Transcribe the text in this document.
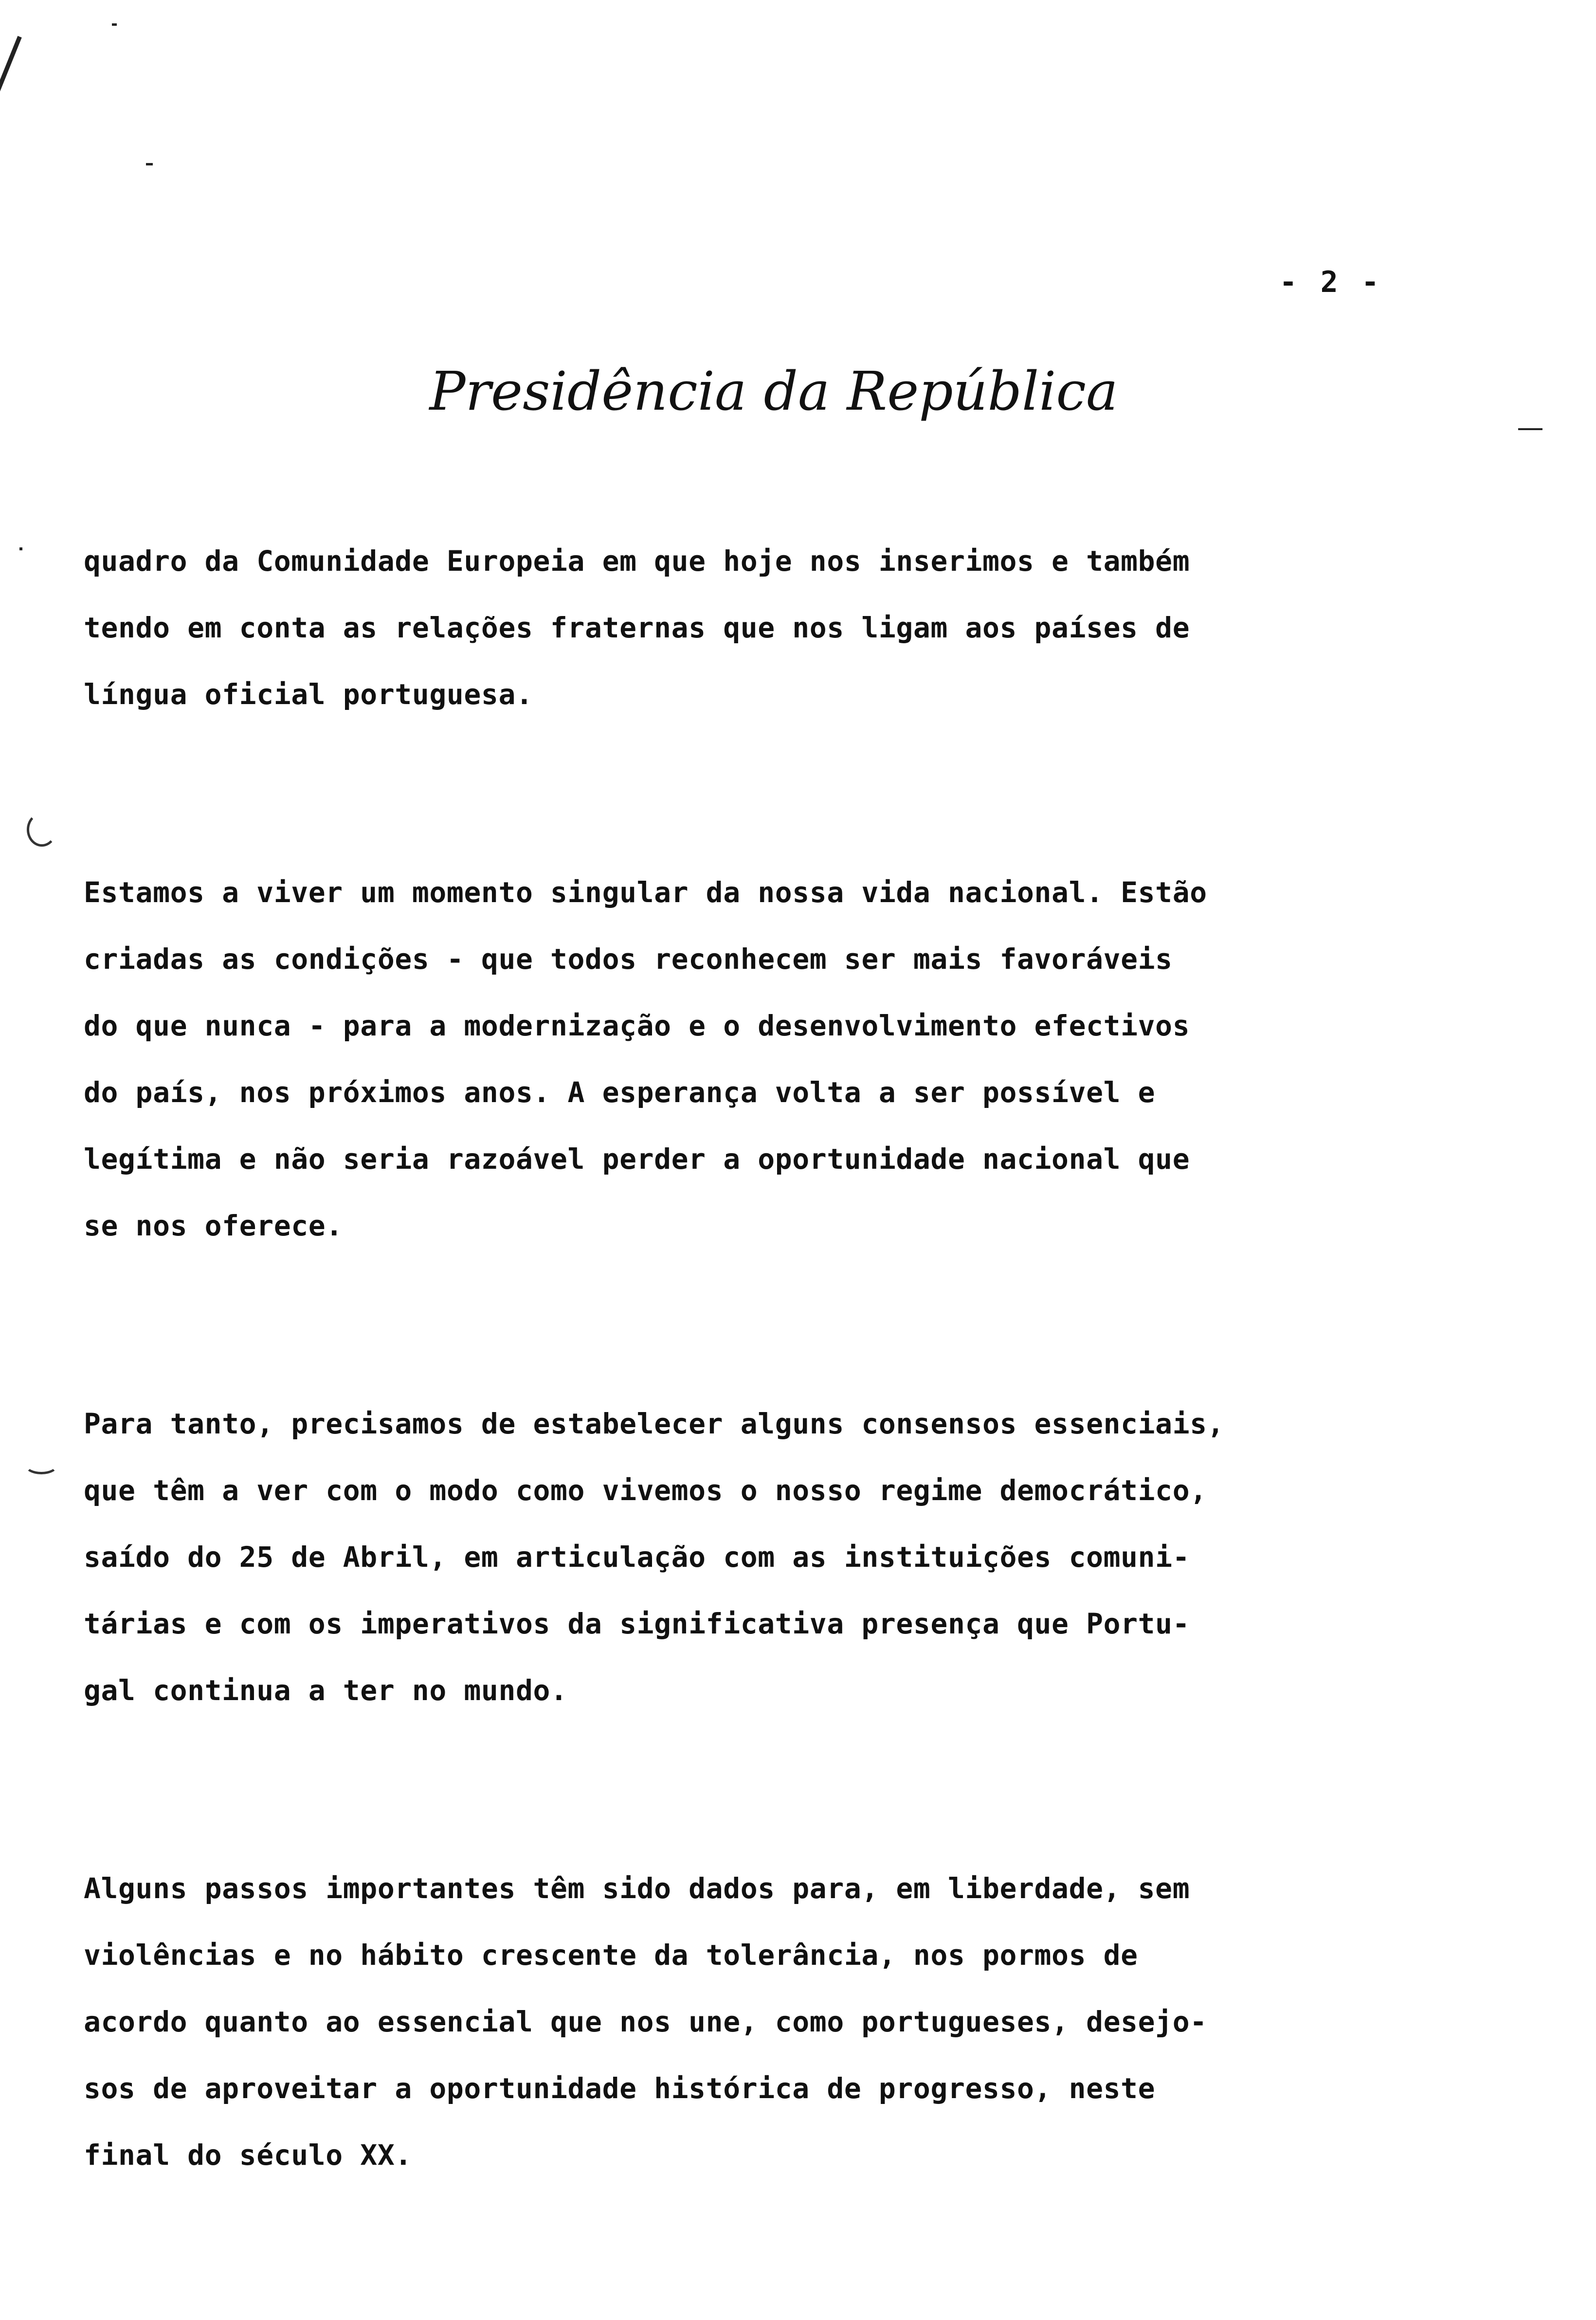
- 2 -
Presidência da República
quadro da Comunidade Europeia em que hoje nos inserimos e também
tendo em conta as relações fraternas que nos ligam aos países de
língua oficial portuguesa.
Estamos a viver um momento singular da nossa vida nacional. Estão
criadas as condições - que todos reconhecem ser mais favoráveis
do que nunca - para a modernização e o desenvolvimento efectivos
do país, nos próximos anos. A esperança volta a ser possível e
legítima e não seria razoável perder a oportunidade nacional que
se nos oferece.
Para tanto, precisamos de estabelecer alguns consensos essenciais,
que têm a ver com o modo como vivemos o nosso regime democrático,
saído do 25 de Abril, em articulação com as instituições comuni-
tárias e com os imperativos da significativa presença que Portu-
gal continua a ter no mundo.
Alguns passos importantes têm sido dados para, em liberdade, sem
violências e no hábito crescente da tolerância, nos pormos de
acordo quanto ao essencial que nos une, como portugueses, desejo-
sos de aproveitar a oportunidade histórica de progresso, neste
final do século XX.
